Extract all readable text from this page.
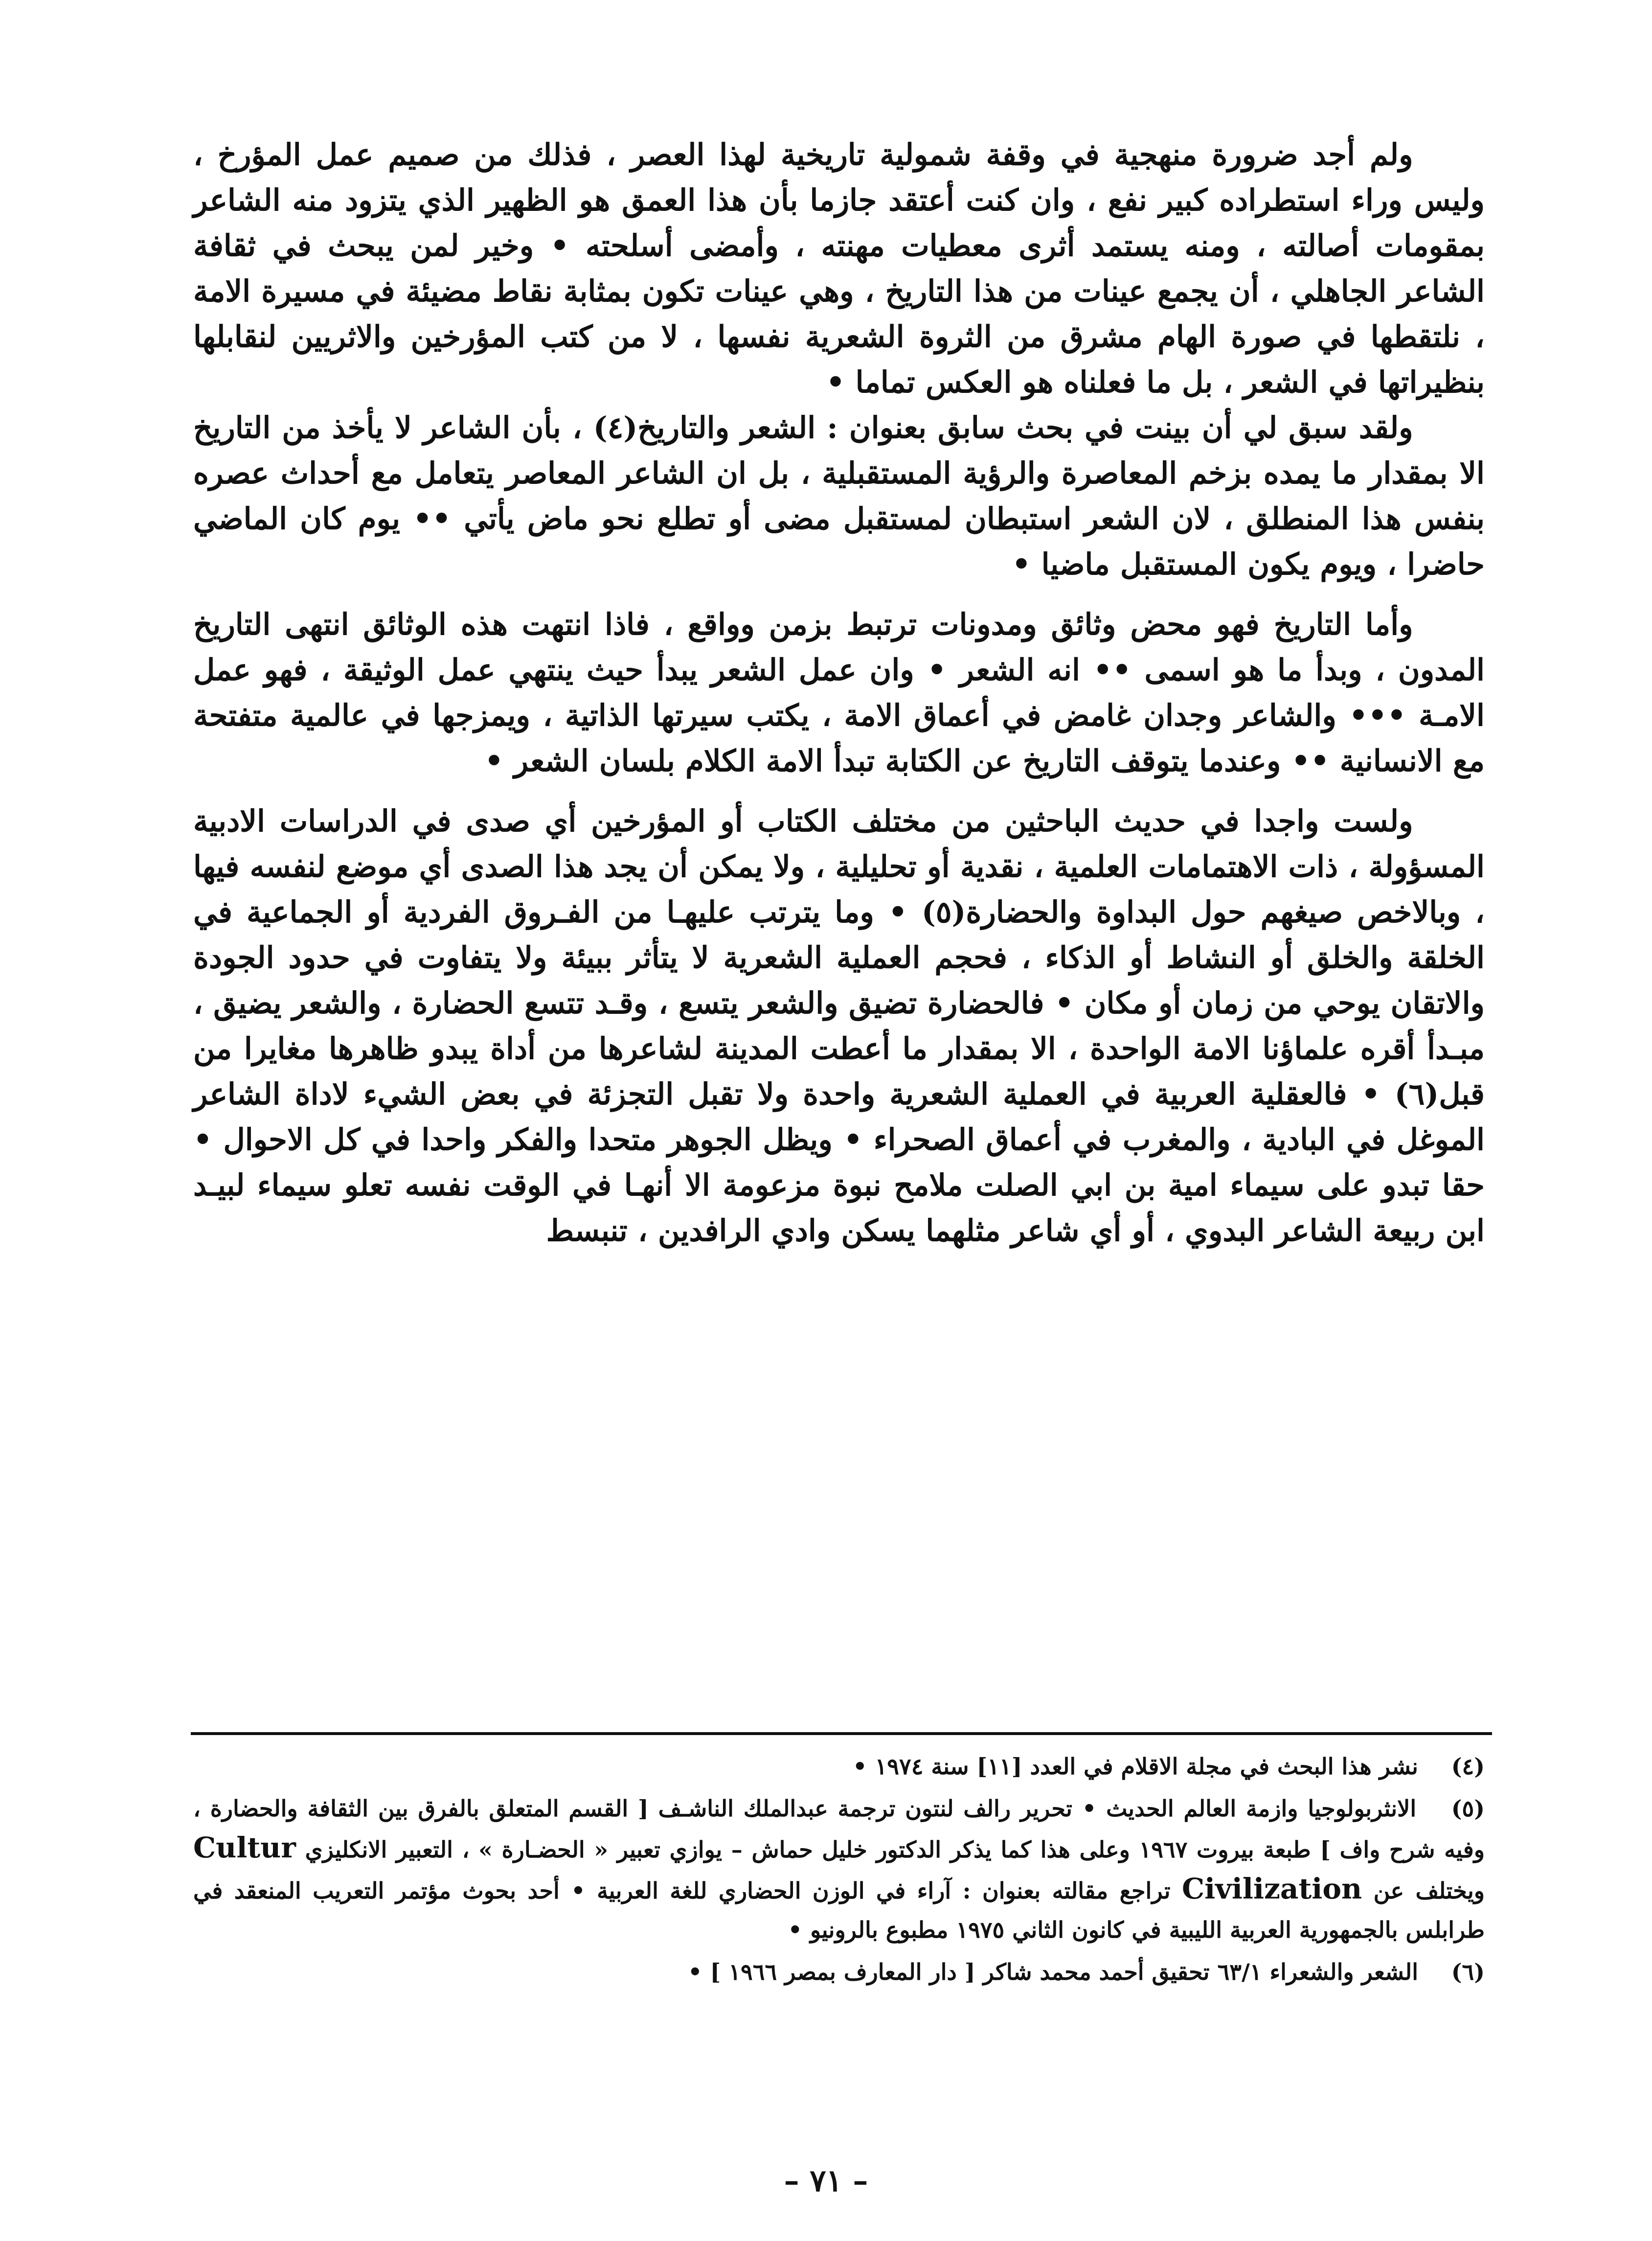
ولم أجد ضرورة منهجية في وقفة شمولية تاريخية لهذا العصر ، فذلك من صميم عمل المؤرخ ، وليس وراء استطراده كبير نفع ، وان كنت أعتقد جازما بأن هذا العمق هو الظهير الذي يتزود منه الشاعر بمقومات أصالته ، ومنه يستمد أثرى معطيات مهنته ، وأمضى أسلحته • وخير لمن يبحث في ثقافة الشاعر الجاهلي ، أن يجمع عينات من هذا التاريخ ، وهي عينات تكون بمثابة نقاط مضيئة في مسيرة الامة ، نلتقطها في صورة الهام مشرق من الثروة الشعرية نفسها ، لا من كتب المؤرخين والاثريين لنقابلها بنظيراتها في الشعر ، بل ما فعلناه هو العكس تماما •

ولقد سبق لي أن بينت في بحث سابق بعنوان : الشعر والتاريخ(٤) ، بأن الشاعر لا يأخذ من التاريخ الا بمقدار ما يمده بزخم المعاصرة والرؤية المستقبلية ، بل ان الشاعر المعاصر يتعامل مع أحداث عصره بنفس هذا المنطلق ، لان الشعر استبطان لمستقبل مضى أو تطلع نحو ماض يأتي •• يوم كان الماضي حاضرا ، ويوم يكون المستقبل ماضيا •

وأما التاريخ فهو محض وثائق ومدونات ترتبط بزمن وواقع ، فاذا انتهت هذه الوثائق انتهى التاريخ المدون ، وبدأ ما هو اسمى •• انه الشعر • وان عمل الشعر يبدأ حيث ينتهي عمل الوثيقة ، فهو عمل الامـة ••• والشاعر وجدان غامض في أعماق الامة ، يكتب سيرتها الذاتية ، ويمزجها في عالمية متفتحة مع الانسانية •• وعندما يتوقف التاريخ عن الكتابة تبدأ الامة الكلام بلسان الشعر •

ولست واجدا في حديث الباحثين من مختلف الكتاب أو المؤرخين أي صدى في الدراسات الادبية المسؤولة ، ذات الاهتمامات العلمية ، نقدية أو تحليلية ، ولا يمكن أن يجد هذا الصدى أي موضع لنفسه فيها ، وبالاخص صيغهم حول البداوة والحضارة(٥) • وما يترتب عليهـا من الفـروق الفردية أو الجماعية في الخلقة والخلق أو النشاط أو الذكاء ، فحجم العملية الشعرية لا يتأثر ببيئة ولا يتفاوت في حدود الجودة والاتقان يوحي من زمان أو مكان • فالحضارة تضيق والشعر يتسع ، وقـد تتسع الحضارة ، والشعر يضيق ، مبـدأ أقره علماؤنا الامة الواحدة ، الا بمقدار ما أعطت المدينة لشاعرها من أداة يبدو ظاهرها مغايرا من قبل(٦) • فالعقلية العربية في العملية الشعرية واحدة ولا تقبل التجزئة في بعض الشيء لاداة الشاعر الموغل في البادية ، والمغرب في أعماق الصحراء • ويظل الجوهر متحدا والفكر واحدا في كل الاحوال • حقا تبدو على سيماء امية بن ابي الصلت ملامح نبوة مزعومة الا أنهـا في الوقت نفسه تعلو سيماء لبيـد ابن ربيعة الشاعر البدوي ، أو أي شاعر مثلهما يسكن وادي الرافدين ، تنبسط

(٤) نشر هذا البحث في مجلة الاقلام في العدد [١١] سنة ١٩٧٤ •

(٥) الانثربولوجيا وازمة العالم الحديث • تحرير رالف لنتون ترجمة عبدالملك الناشـف [ القسم المتعلق بالفرق بين الثقافة والحضارة ، وفيه شرح واف ] طبعة بيروت ١٩٦٧ وعلى هذا كما يذكر الدكتور خليل حماش – يوازي تعبير « الحضـارة » ، التعبير الانكليزي Cultur ويختلف عن Civilization تراجع مقالته بعنوان : آراء في الوزن الحضاري للغة العربية • أحد بحوث مؤتمر التعريب المنعقد في طرابلس بالجمهورية العربية الليبية في كانون الثاني ١٩٧٥ مطبوع بالرونيو •

(٦) الشعر والشعراء ٦٣/١ تحقيق أحمد محمد شاكر [ دار المعارف بمصر ١٩٦٦ ] •

– ٧١ –
